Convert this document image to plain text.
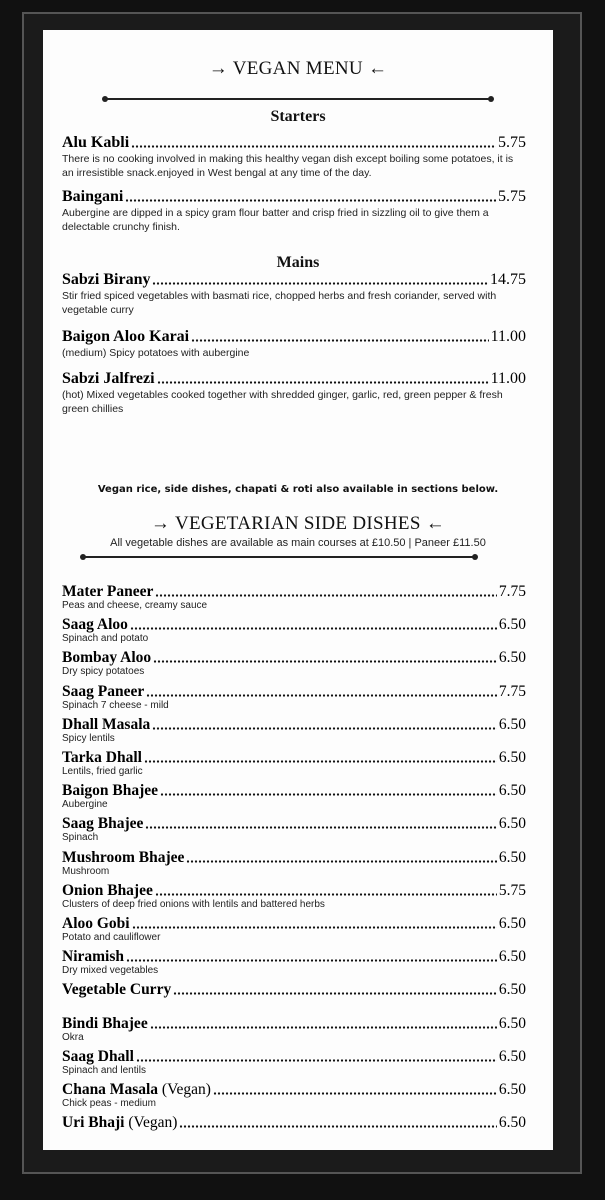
→ VEGAN MENU ←
Starters
Alu Kabli	5.75
There is no cooking involved in making this healthy vegan dish except boiling some potatoes, it is an irresistible snack.enjoyed in West bengal at any time of the day.
Baingani	5.75
Aubergine are dipped in a spicy gram flour batter and crisp fried in sizzling oil to give them a delectable crunchy finish.
Mains
Sabzi Birany	14.75
Stir fried spiced vegetables with basmati rice, chopped herbs and fresh coriander, served with vegetable curry
Baigon Aloo Karai	11.00
(medium) Spicy potatoes with aubergine
Sabzi Jalfrezi	11.00
(hot) Mixed vegetables cooked together with shredded ginger, garlic, red, green pepper & fresh green chillies
Vegan rice, side dishes, chapati & roti also available in sections below.
→ VEGETARIAN SIDE DISHES ←
All vegetable dishes are available as main courses at £10.50 | Paneer £11.50
Mater Paneer	7.75
Peas and cheese, creamy sauce
Saag Aloo	6.50
Spinach and potato
Bombay Aloo	6.50
Dry spicy potatoes
Saag Paneer	7.75
Spinach 7 cheese - mild
Dhall Masala	6.50
Spicy lentils
Tarka Dhall	6.50
Lentils, fried garlic
Baigon Bhajee	6.50
Aubergine
Saag Bhajee	6.50
Spinach
Mushroom Bhajee	6.50
Mushroom
Onion Bhajee	5.75
Clusters of deep fried onions with lentils and battered herbs
Aloo Gobi	6.50
Potato and cauliflower
Niramish	6.50
Dry mixed vegetables
Vegetable Curry	6.50
Bindi Bhajee	6.50
Okra
Saag Dhall	6.50
Spinach and lentils
Chana Masala (Vegan)	6.50
Chick peas - medium
Uri Bhaji (Vegan)	6.50
